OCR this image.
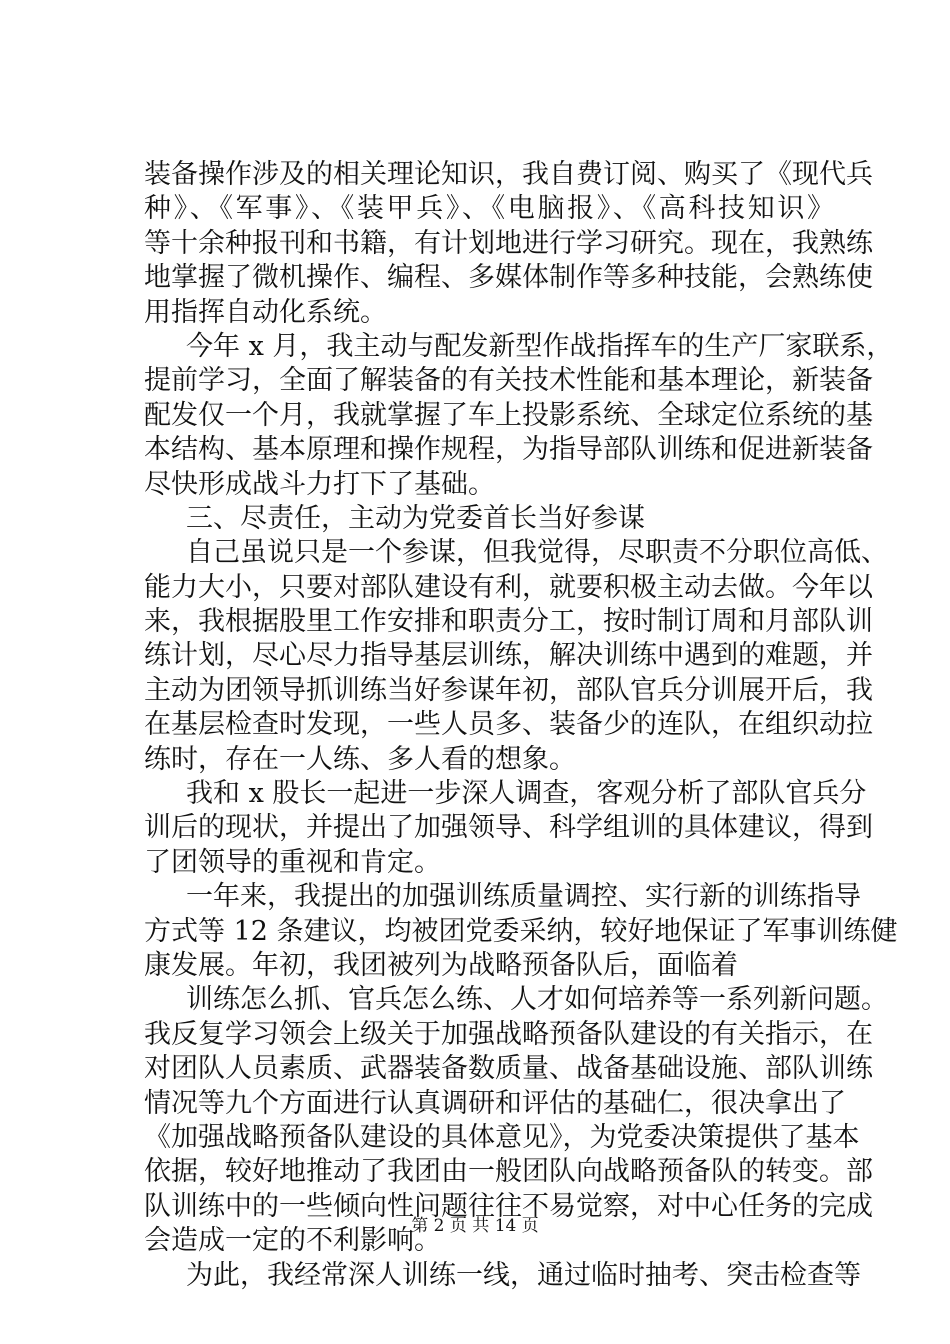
装备操作涉及的相关理论知识，我自费订阅、购买了《现代兵
种》、《军事》、《装甲兵》、《电脑报》、《高科技知识》
等十余种报刊和书籍，有计划地进行学习研究。现在，我熟练
地掌握了微机操作、编程、多媒体制作等多种技能，会熟练使
用指挥自动化系统。
今年 x 月，我主动与配发新型作战指挥车的生产厂家联系，
提前学习，全面了解装备的有关技术性能和基本理论，新装备
配发仅一个月，我就掌握了车上投影系统、全球定位系统的基
本结构、基本原理和操作规程，为指导部队训练和促进新装备
尽快形成战斗力打下了基础。
三、尽责任，主动为党委首长当好参谋
自己虽说只是一个参谋，但我觉得，尽职责不分职位高低、
能力大小，只要对部队建设有利，就要积极主动去做。今年以
来，我根据股里工作安排和职责分工，按时制订周和月部队训
练计划，尽心尽力指导基层训练，解决训练中遇到的难题，并
主动为团领导抓训练当好参谋年初，部队官兵分训展开后，我
在基层检查时发现，一些人员多、装备少的连队，在组织动拉
练时，存在一人练、多人看的想象。
我和 x 股长一起进一步深人调查，客观分析了部队官兵分
训后的现状，并提出了加强领导、科学组训的具体建议，得到
了团领导的重视和肯定。
一年来，我提出的加强训练质量调控、实行新的训练指导
方式等 12 条建议，均被团党委采纳，较好地保证了军事训练健
康发展。年初，我团被列为战略预备队后，面临着
训练怎么抓、官兵怎么练、人才如何培养等一系列新问题。
我反复学习领会上级关于加强战略预备队建设的有关指示，在
对团队人员素质、武器装备数质量、战备基础设施、部队训练
情况等九个方面进行认真调研和评估的基础仁，很决拿出了
《加强战略预备队建设的具体意见》，为党委决策提供了基本
依据，较好地推动了我团由一般团队向战略预备队的转变。部
队训练中的一些倾向性问题往往不易觉察，对中心任务的完成
会造成一定的不利影响。
为此，我经常深人训练一线，通过临时抽考、突击检查等
第 2 页 共 14 页
